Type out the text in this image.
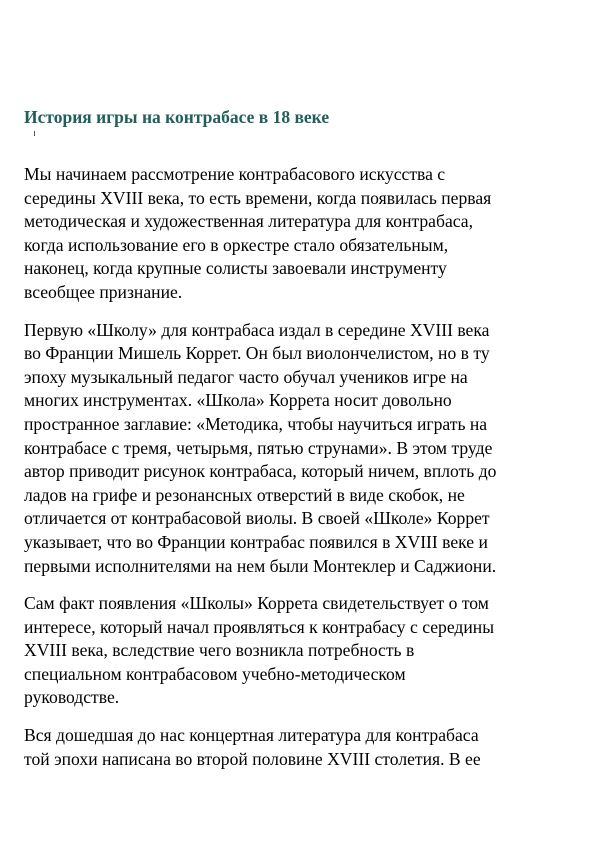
История игры на контрабасе в 18 веке

Мы начинаем рассмотрение контрабасового искусства с
середины XVIII века, то есть времени, когда появилась первая
методическая и художественная литература для контрабаса,
когда использование его в оркестре стало обязательным,
наконец, когда крупные солисты завоевали инструменту
всеобщее признание.

Первую «Школу» для контрабаса издал в середине XVIII века
во Франции Мишель Коррет. Он был виолончелистом, но в ту
эпоху музыкальный педагог часто обучал учеников игре на
многих инструментах. «Школа» Коррета носит довольно
пространное заглавие: «Методика, чтобы научиться играть на
контрабасе с тремя, четырьмя, пятью струнами». В этом труде
автор приводит рисунок контрабаса, который ничем, вплоть до
ладов на грифе и резонансных отверстий в виде скобок, не
отличается от контрабасовой виолы. В своей «Школе» Коррет
указывает, что во Франции контрабас появился в XVIII веке и
первыми исполнителями на нем были Монтеклер и Саджиони.

Сам факт появления «Школы» Коррета свидетельствует о том
интересе, который начал проявляться к контрабасу с середины
XVIII века, вследствие чего возникла потребность в
специальном контрабасовом учебно-методическом
руководстве.

Вся дошедшая до нас концертная литература для контрабаса
той эпохи написана во второй половине XVIII столетия. В ее
